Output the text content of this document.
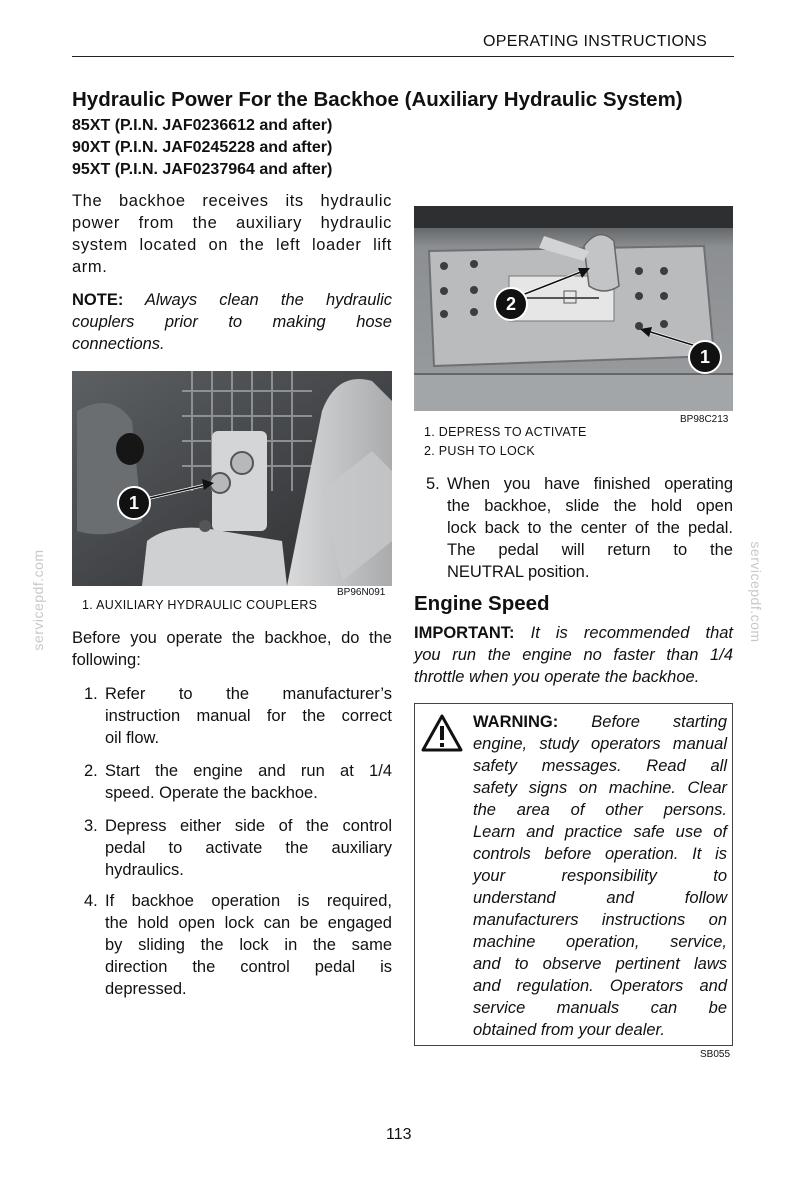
OPERATING INSTRUCTIONS
Hydraulic Power For the Backhoe (Auxiliary Hydraulic System)
85XT (P.I.N. JAF0236612 and after)
90XT (P.I.N. JAF0245228 and after)
95XT (P.I.N. JAF0237964 and after)
The backhoe receives its hydraulic
power from the auxiliary hydraulic
system located on the left loader lift
arm.
NOTE: Always clean the hydraulic
couplers prior to making hose
connections.
1
BP96N091
1. AUXILIARY HYDRAULIC COUPLERS
Before you operate the backhoe, do the
following:
1. Refer to the manufacturer’s
instruction manual for the correct
oil flow.
2. Start the engine and run at 1/4
speed. Operate the backhoe.
3. Depress either side of the control
pedal to activate the auxiliary
hydraulics.
4. If backhoe operation is required,
the hold open lock can be engaged
by sliding the lock in the same
direction the control pedal is
depressed.
2
1
BP98C213
1. DEPRESS TO ACTIVATE
2. PUSH TO LOCK
5. When you have finished operating
the backhoe, slide the hold open
lock back to the center of the pedal.
The pedal will return to the
NEUTRAL position.
Engine Speed
IMPORTANT: It is recommended that
you run the engine no faster than 1/4
throttle when you operate the backhoe.
WARNING: Before starting
engine, study operators manual
safety messages. Read all
safety signs on machine. Clear
the area of other persons.
Learn and practice safe use of
controls before operation. It is
your responsibility to
understand and follow
manufacturers instructions on
machine operation, service,
and to observe pertinent laws
and regulation. Operators and
service manuals can be
obtained from your dealer.
SB055
113
servicepdf.com	servicepdf.com
